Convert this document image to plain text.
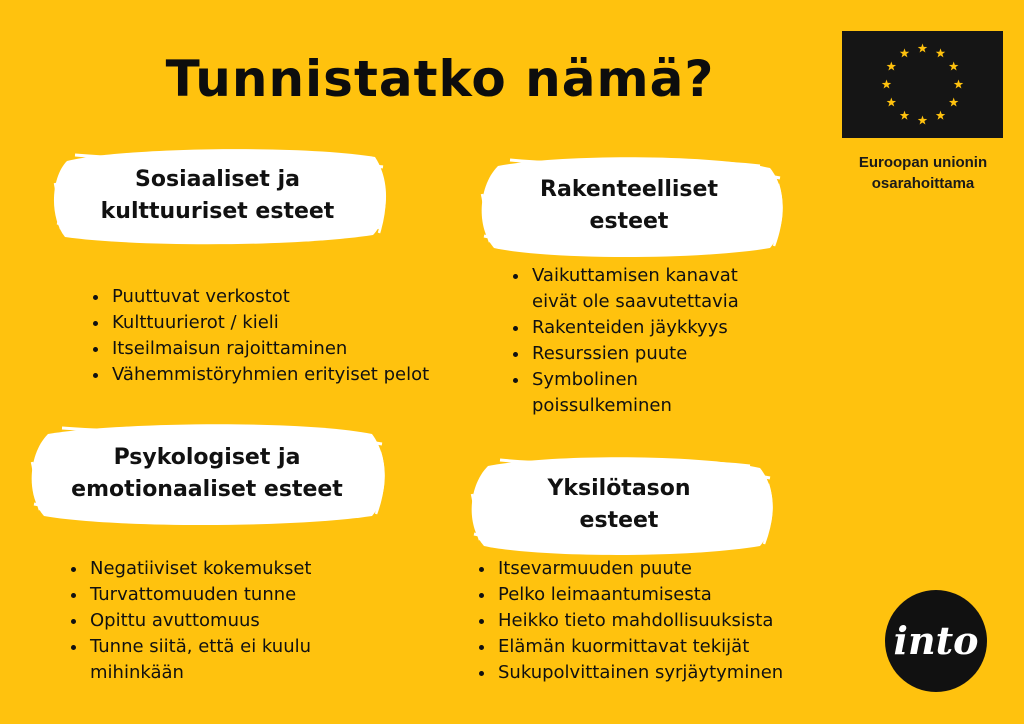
Tunnistatko nämä?
Euroopan unionin
osarahoittama
Sosiaaliset ja
kulttuuriset esteet
• Puuttuvat verkostot
• Kulttuurierot / kieli
• Itseilmaisun rajoittaminen
• Vähemmistöryhmien erityiset pelot
Rakenteelliset
esteet
• Vaikuttamisen kanavat
eivät ole saavutettavia
• Rakenteiden jäykkyys
• Resurssien puute
• Symbolinen
poissulkeminen
Psykologiset ja
emotionaaliset esteet
• Negatiiviset kokemukset
• Turvattomuuden tunne
• Opittu avuttomuus
• Tunne siitä, että ei kuulu
mihinkään
Yksilötason
esteet
• Itsevarmuuden puute
• Pelko leimaantumisesta
• Heikko tieto mahdollisuuksista
• Elämän kuormittavat tekijät
• Sukupolvittainen syrjäytyminen
into
